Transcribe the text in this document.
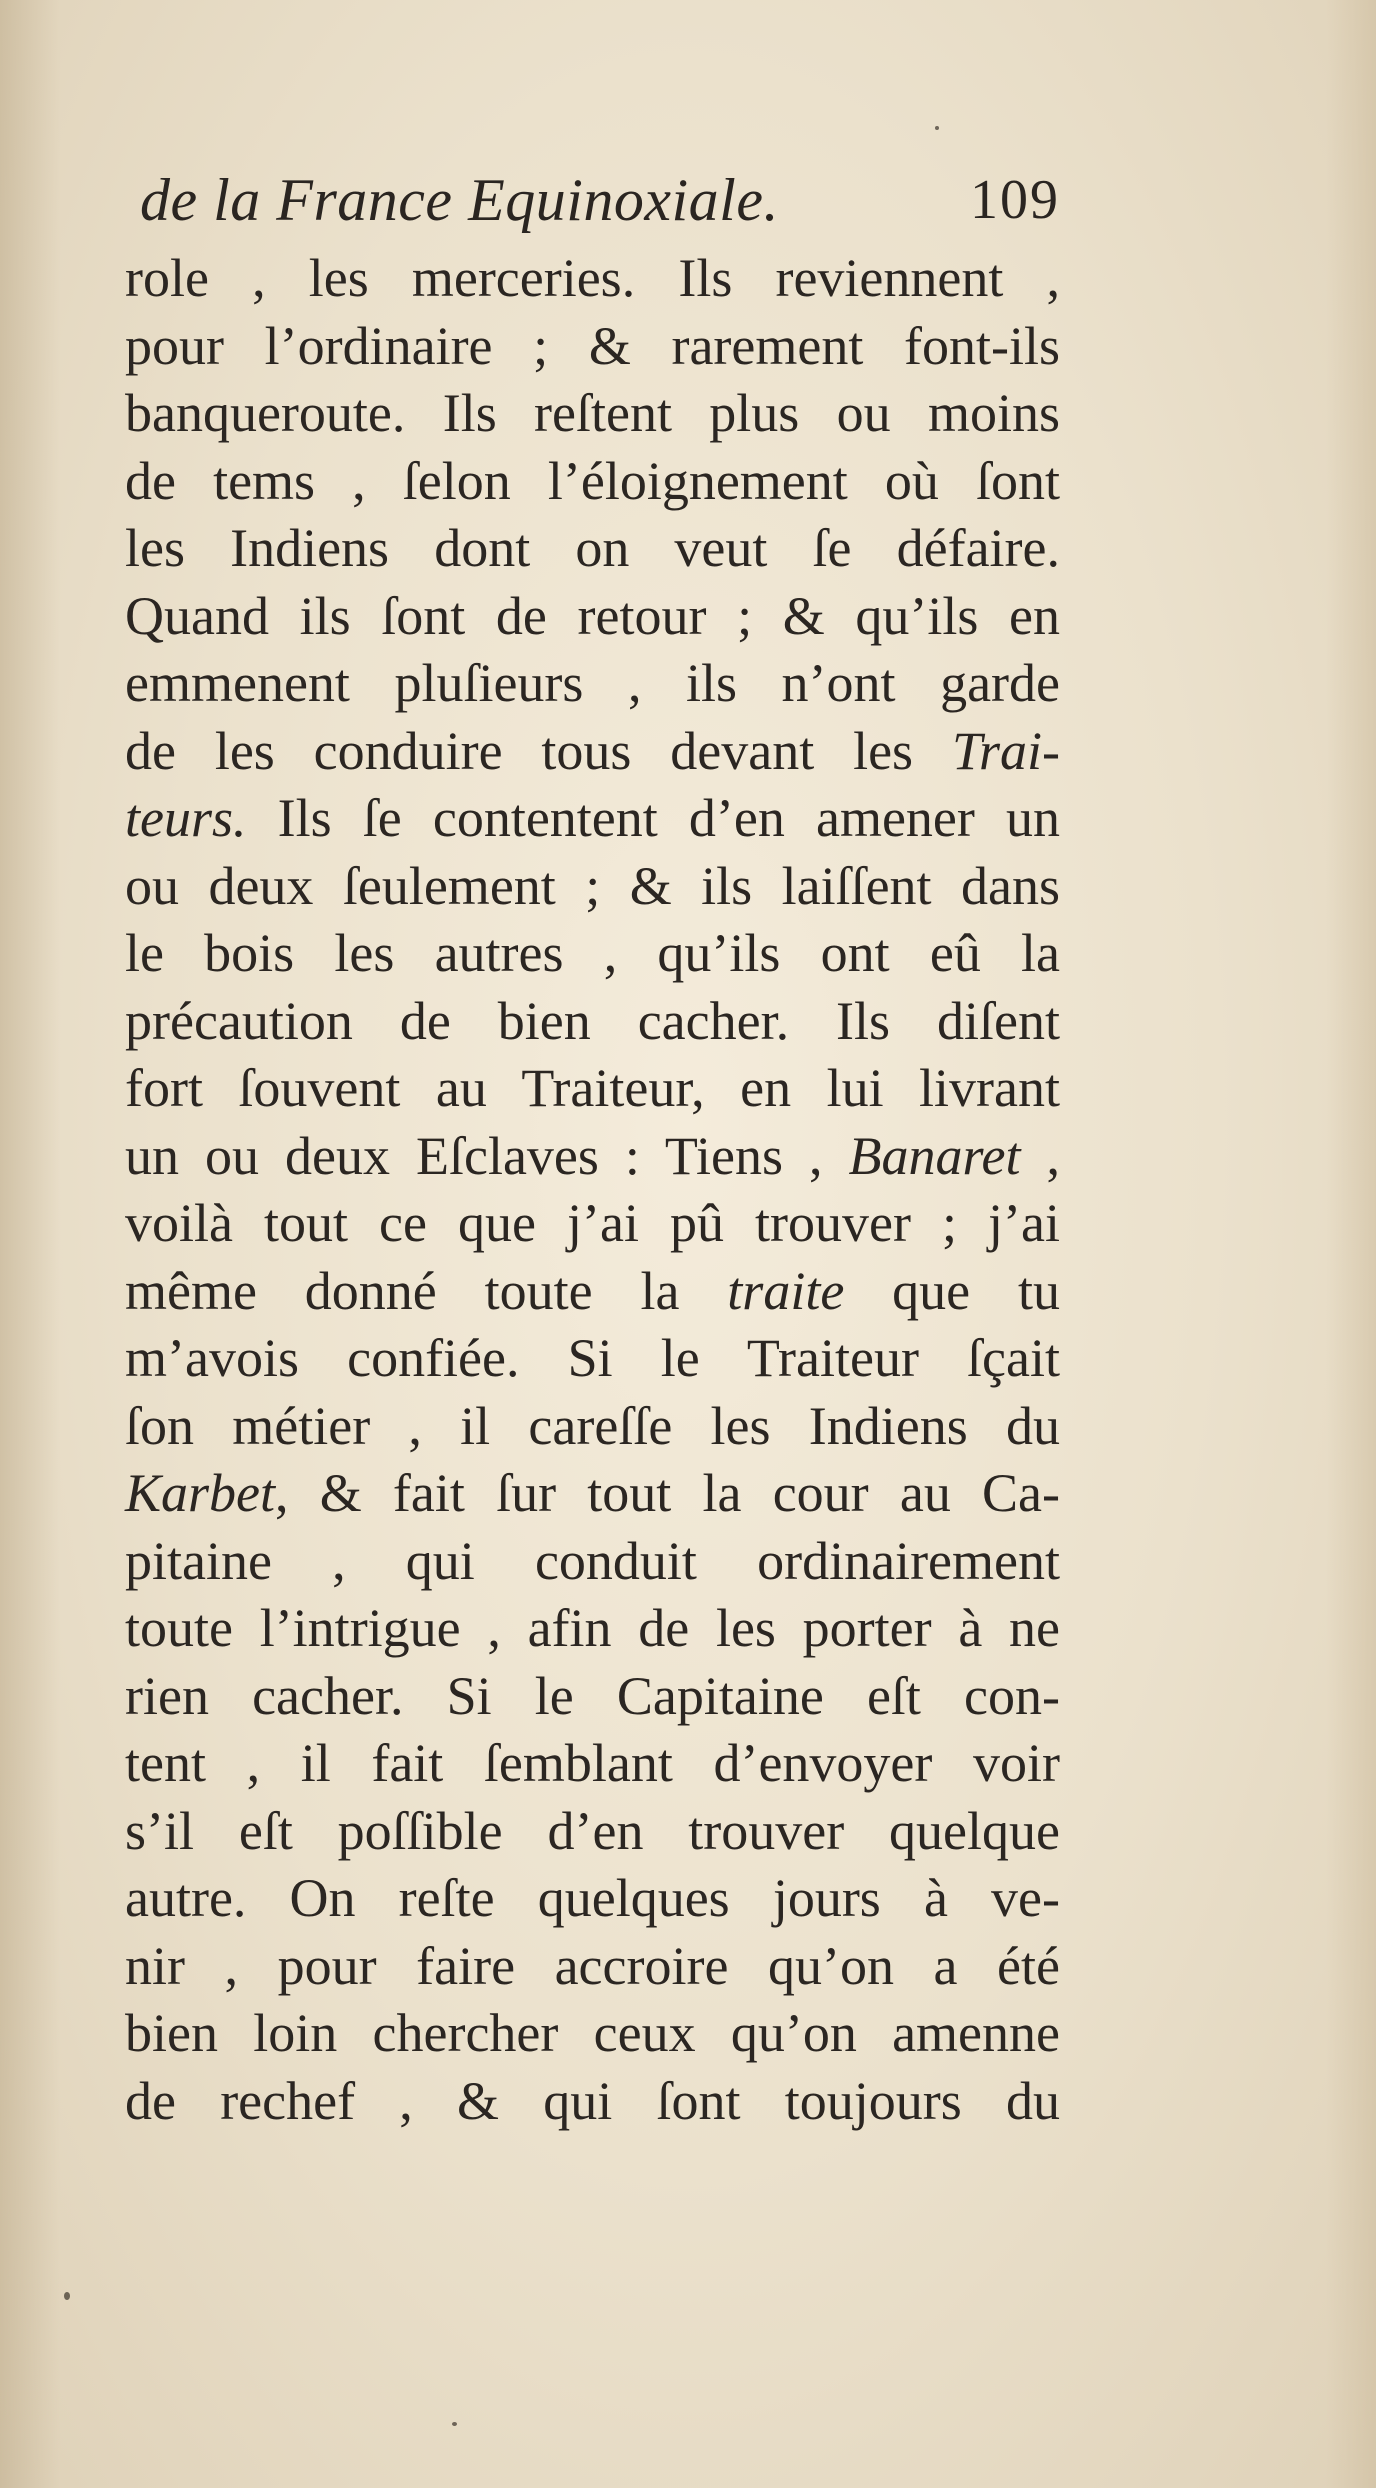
de la France Equinoxiale.	109
role , les merceries. Ils reviennent ,
pour l’ordinaire ; & rarement font-ils
banqueroute. Ils reſtent plus ou moins
de tems , ſelon l’éloignement où ſont
les Indiens dont on veut ſe défaire.
Quand ils ſont de retour ; & qu’ils en
emmenent pluſieurs , ils n’ont garde
de les conduire tous devant les Trai-
teurs. Ils ſe contentent d’en amener un
ou deux ſeulement ; & ils laiſſent dans
le bois les autres , qu’ils ont eû la
précaution de bien cacher. Ils diſent
fort ſouvent au Traiteur, en lui livrant
un ou deux Eſclaves : Tiens , Banaret ,
voilà tout ce que j’ai pû trouver ; j’ai
même donné toute la traite que tu
m’avois confiée. Si le Traiteur ſçait
ſon métier , il careſſe les Indiens du
Karbet, & fait ſur tout la cour au Ca-
pitaine , qui conduit ordinairement
toute l’intrigue , afin de les porter à ne
rien cacher. Si le Capitaine eſt con-
tent , il fait ſemblant d’envoyer voir
s’il eſt poſſible d’en trouver quelque
autre. On reſte quelques jours à ve-
nir , pour faire accroire qu’on a été
bien loin chercher ceux qu’on amenne
de rechef , & qui ſont toujours du
